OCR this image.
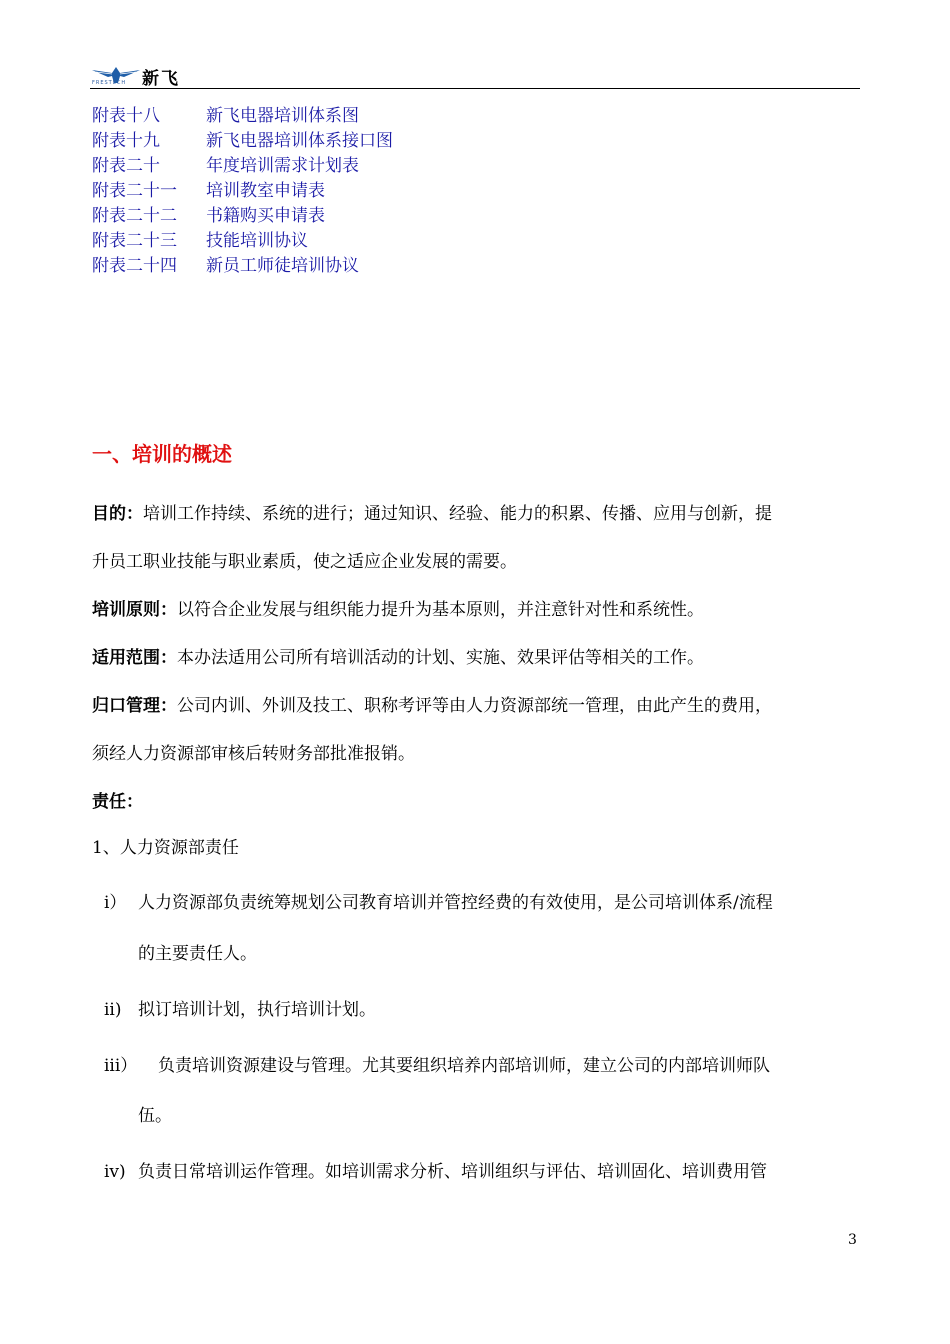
新飞
FRESTECH
附表十八	新飞电器培训体系图
附表十九	新飞电器培训体系接口图
附表二十	年度培训需求计划表
附表二十一 培训教室申请表
附表二十二 书籍购买申请表
附表二十三 技能培训协议
附表二十四 新员工师徒培训协议
一、培训的概述
目的：培训工作持续、系统的进行；通过知识、经验、能力的积累、传播、应用与创新，提
升员工职业技能与职业素质，使之适应企业发展的需要。
培训原则：以符合企业发展与组织能力提升为基本原则，并注意针对性和系统性。
适用范围：本办法适用公司所有培训活动的计划、实施、效果评估等相关的工作。
归口管理：公司内训、外训及技工、职称考评等由人力资源部统一管理，由此产生的费用，
须经人力资源部审核后转财务部批准报销。
责任：
1、人力资源部责任
i） 人力资源部负责统筹规划公司教育培训并管控经费的有效使用，是公司培训体系/流程
的主要责任人。
ii) 拟订培训计划，执行培训计划。
iii）	负责培训资源建设与管理。尤其要组织培养内部培训师，建立公司的内部培训师队
伍。
iv) 负责日常培训运作管理。如培训需求分析、培训组织与评估、培训固化、培训费用管
3
